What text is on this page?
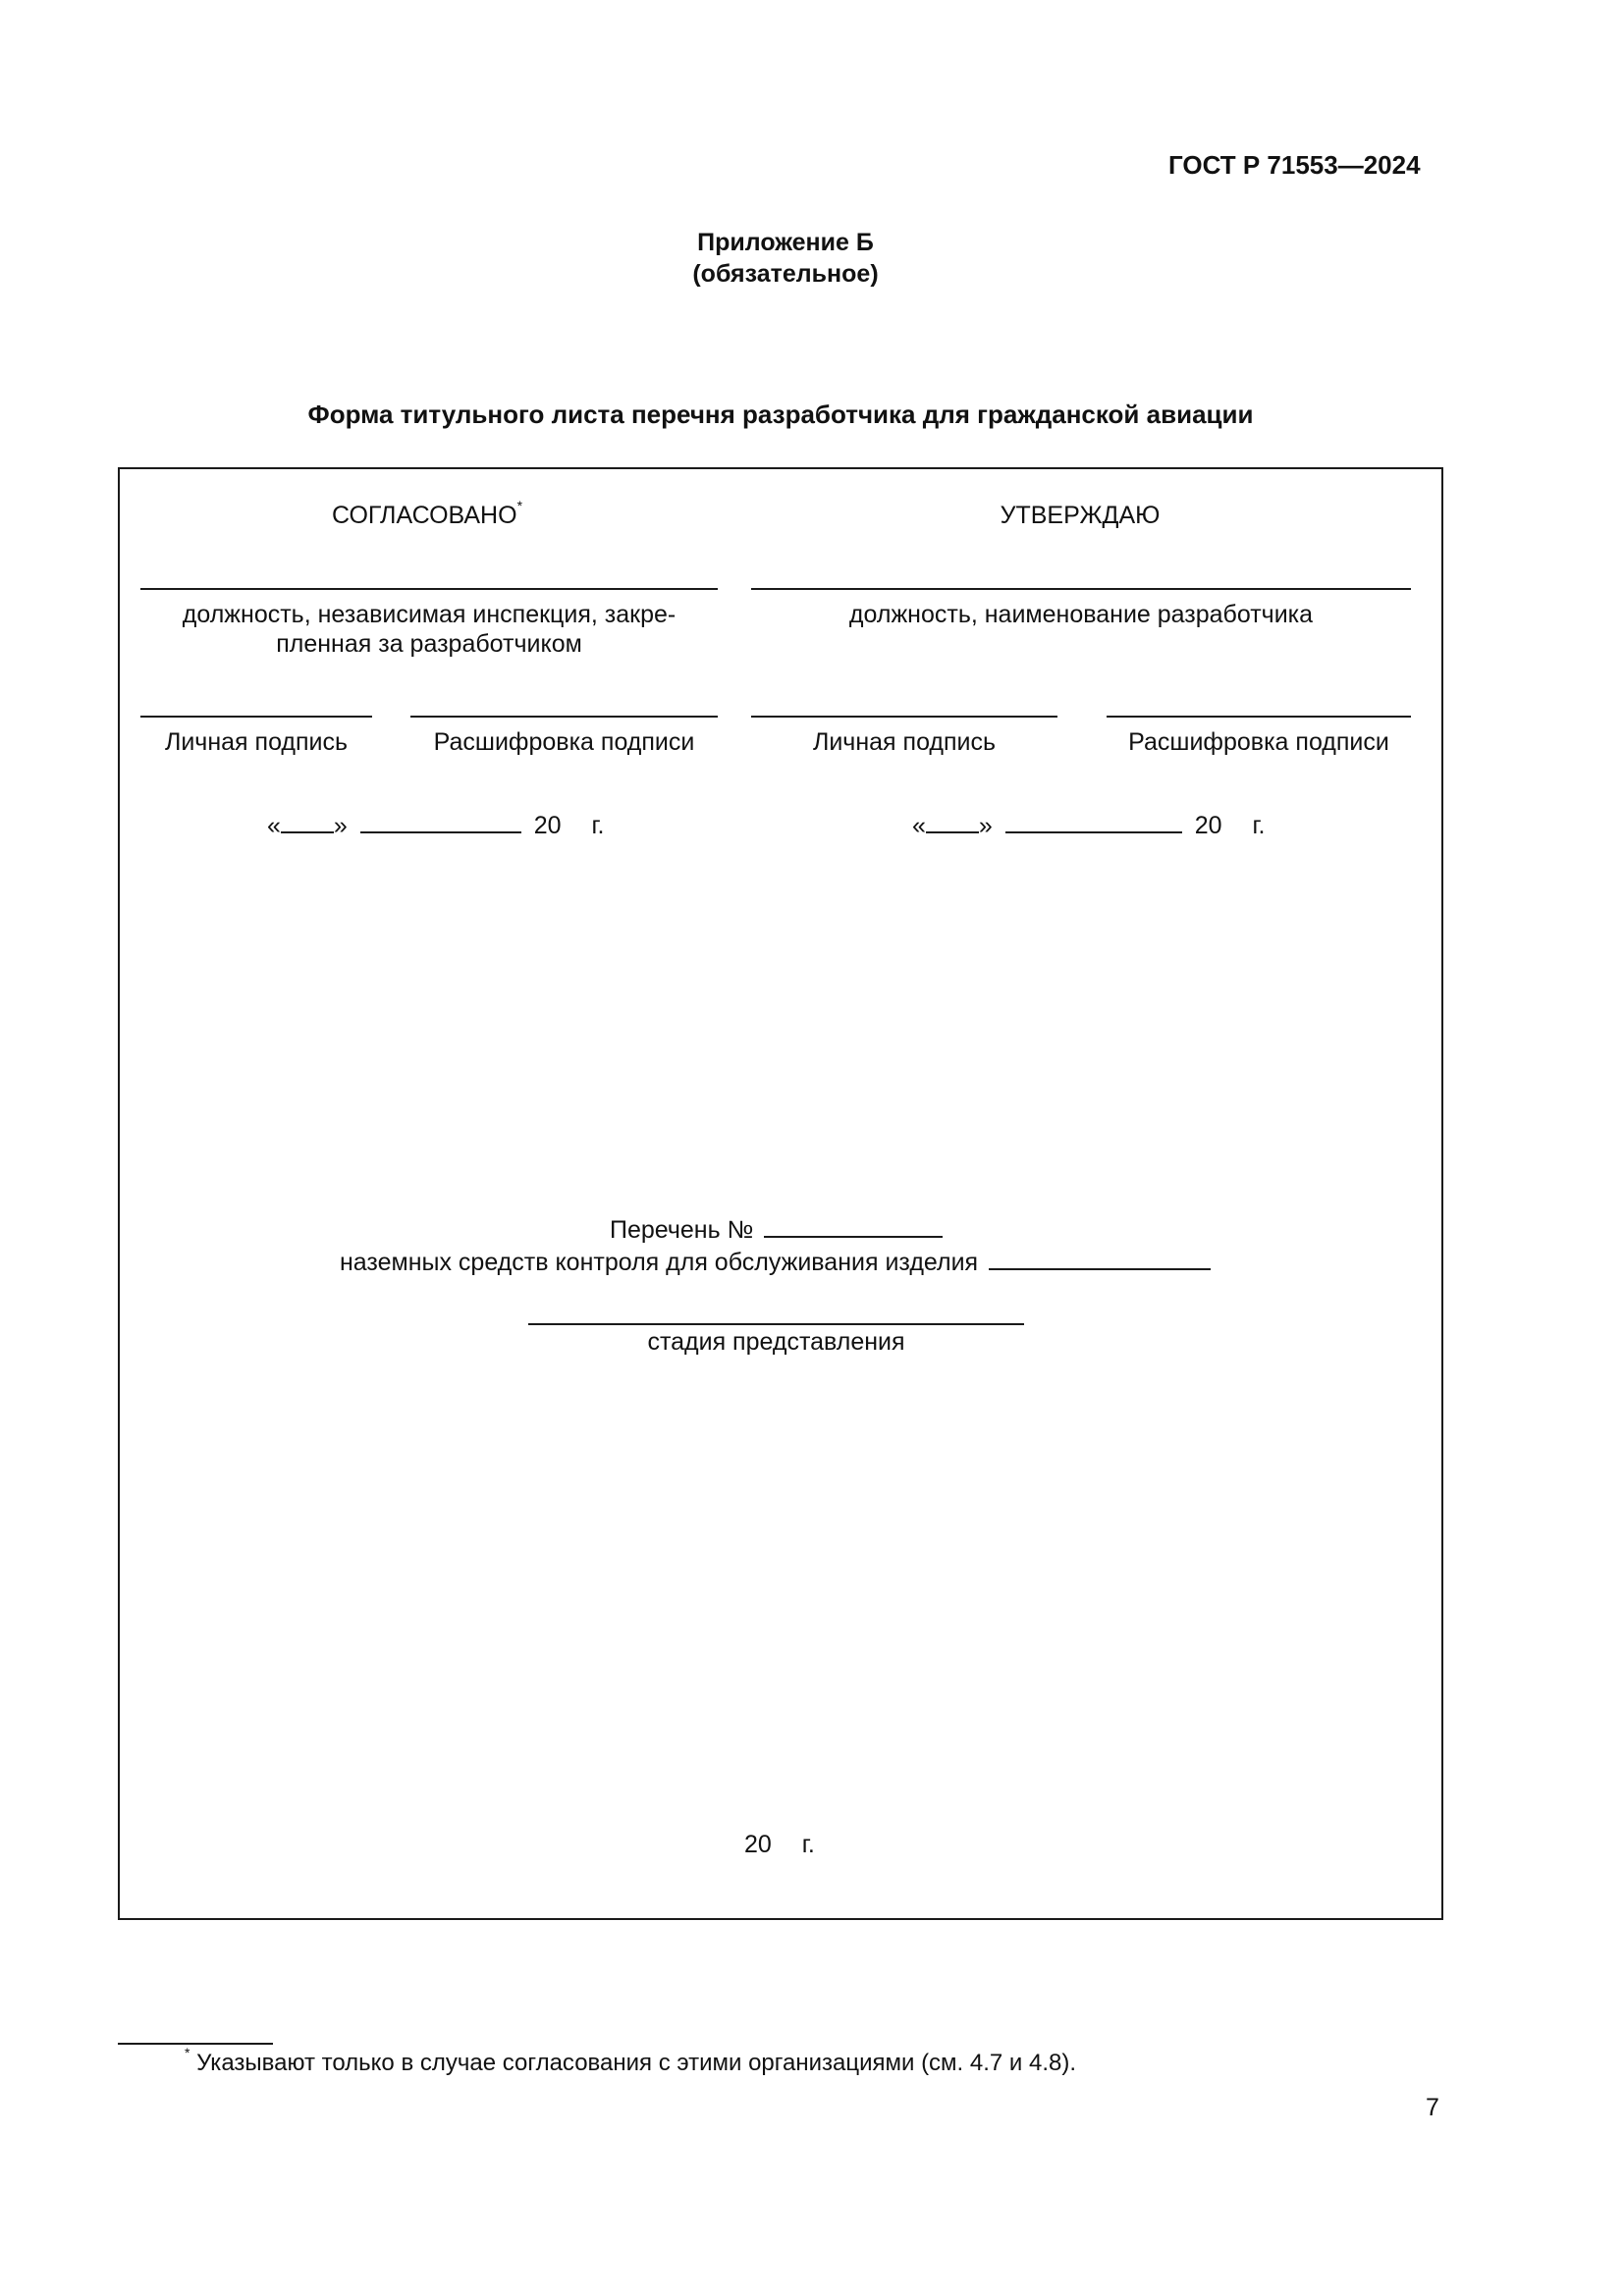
ГОСТ Р 71553—2024
Приложение Б
(обязательное)
Форма титульного листа перечня разработчика для гражданской авиации
СОГЛАСОВАНО*
должность, независимая инспекция, закре-
пленная за разработчиком
Личная подпись	Расшифровка подписи
« »	20 г.
УТВЕРЖДАЮ
должность, наименование разработчика
Личная подпись	Расшифровка подписи
« »	20 г.
Перечень №
наземных средств контроля для обслуживания изделия
стадия представления
20 г.
* Указывают только в случае согласования с этими организациями (см. 4.7 и 4.8).
7
